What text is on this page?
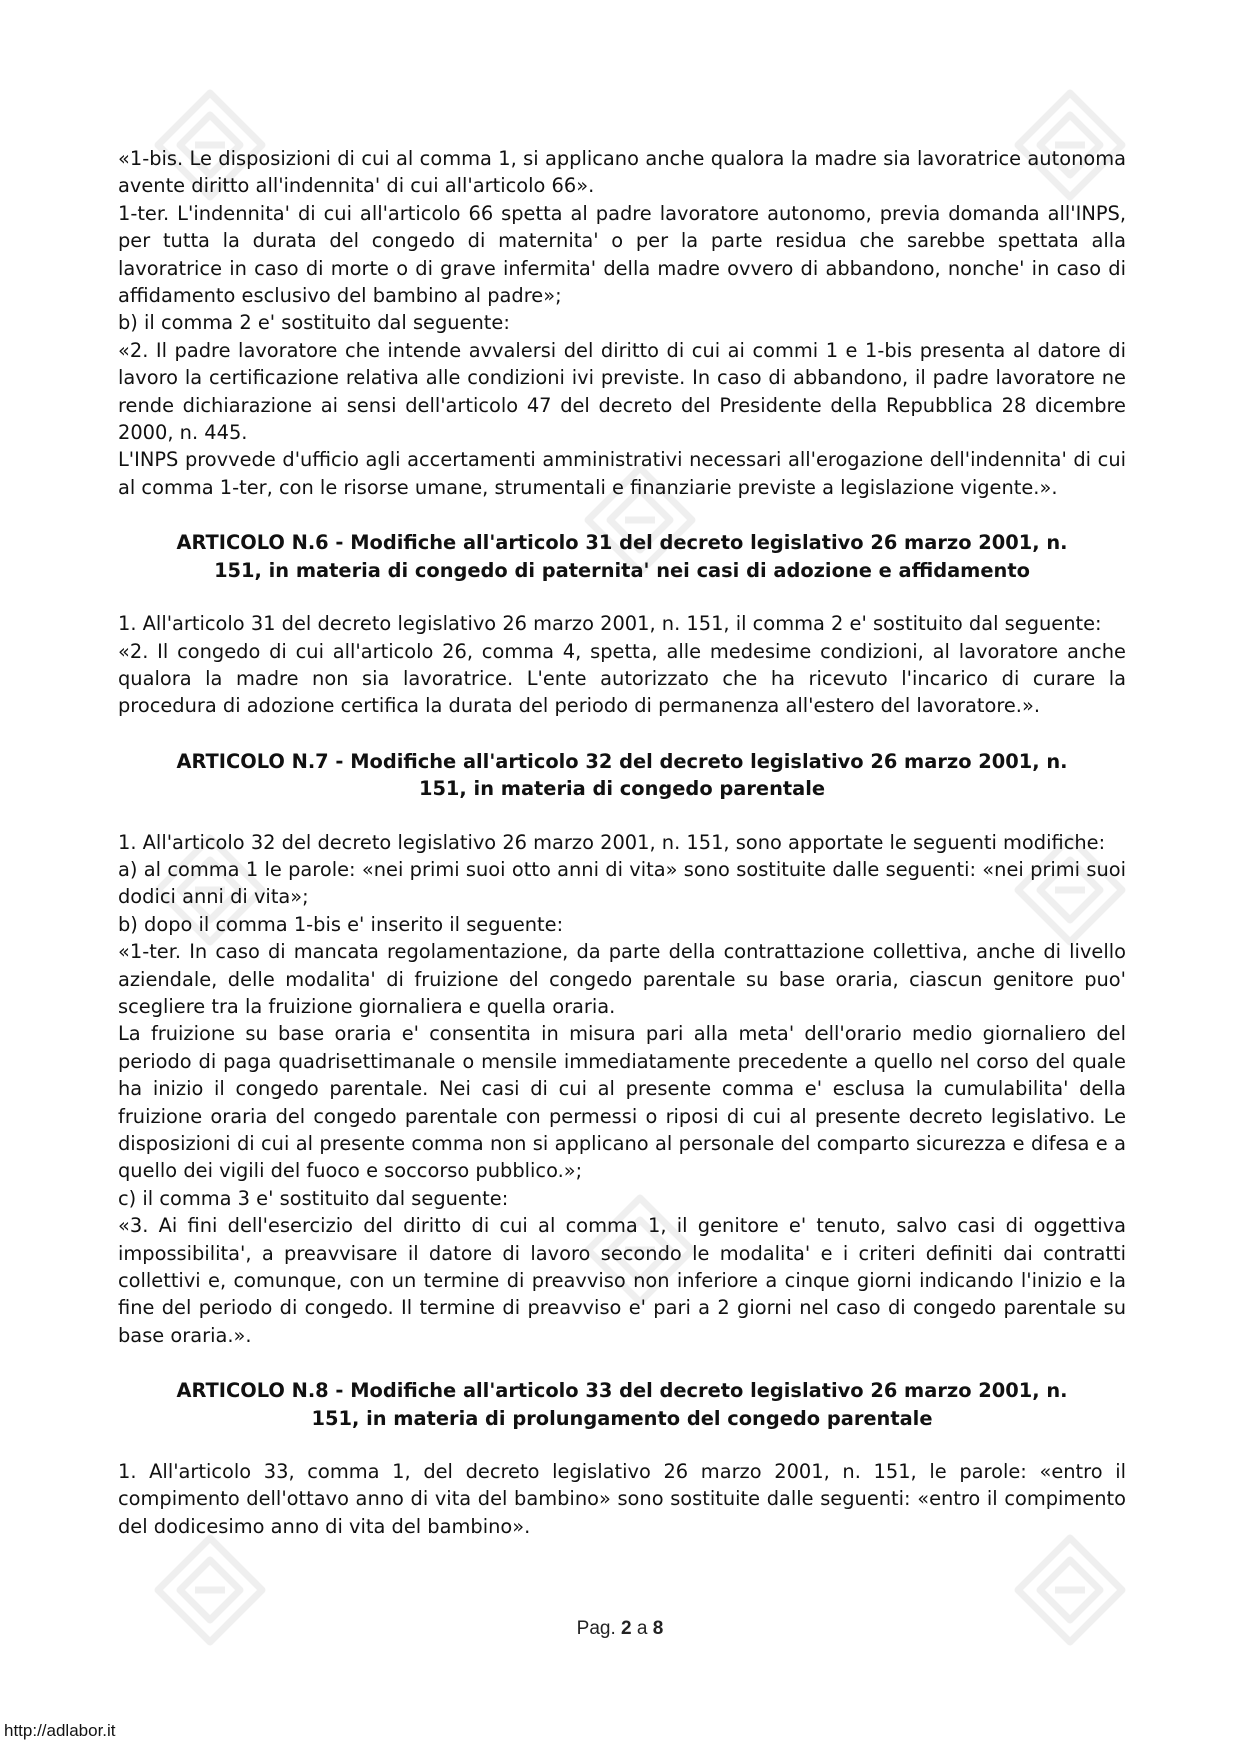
«1-bis. Le disposizioni di cui al comma 1, si applicano anche qualora la madre sia lavoratrice autonoma avente diritto all'indennita' di cui all'articolo 66».

1-ter. L'indennita' di cui all'articolo 66 spetta al padre lavoratore autonomo, previa domanda all'INPS, per tutta la durata del congedo di maternita' o per la parte residua che sarebbe spettata alla lavoratrice in caso di morte o di grave infermita' della madre ovvero di abbandono, nonche' in caso di affidamento esclusivo del bambino al padre»;

b) il comma 2 e' sostituito dal seguente:

«2. Il padre lavoratore che intende avvalersi del diritto di cui ai commi 1 e 1-bis presenta al datore di lavoro la certificazione relativa alle condizioni ivi previste. In caso di abbandono, il padre lavoratore ne rende dichiarazione ai sensi dell'articolo 47 del decreto del Presidente della Repubblica 28 dicembre 2000, n. 445.

L'INPS provvede d'ufficio agli accertamenti amministrativi necessari all'erogazione dell'indennita' di cui al comma 1-ter, con le risorse umane, strumentali e finanziarie previste a legislazione vigente.».

ARTICOLO N.6 - Modifiche all'articolo 31 del decreto legislativo 26 marzo 2001, n.
151, in materia di congedo di paternita' nei casi di adozione e affidamento

1. All'articolo 31 del decreto legislativo 26 marzo 2001, n. 151, il comma 2 e' sostituito dal seguente:

«2. Il congedo di cui all'articolo 26, comma 4, spetta, alle medesime condizioni, al lavoratore anche qualora la madre non sia lavoratrice. L'ente autorizzato che ha ricevuto l'incarico di curare la procedura di adozione certifica la durata del periodo di permanenza all'estero del lavoratore.».

ARTICOLO N.7 - Modifiche all'articolo 32 del decreto legislativo 26 marzo 2001, n.
151, in materia di congedo parentale

1. All'articolo 32 del decreto legislativo 26 marzo 2001, n. 151, sono apportate le seguenti modifiche:

a) al comma 1 le parole: «nei primi suoi otto anni di vita» sono sostituite dalle seguenti: «nei primi suoi dodici anni di vita»;

b) dopo il comma 1-bis e' inserito il seguente:

«1-ter. In caso di mancata regolamentazione, da parte della contrattazione collettiva, anche di livello aziendale, delle modalita' di fruizione del congedo parentale su base oraria, ciascun genitore puo' scegliere tra la fruizione giornaliera e quella oraria.

La fruizione su base oraria e' consentita in misura pari alla meta' dell'orario medio giornaliero del periodo di paga quadrisettimanale o mensile immediatamente precedente a quello nel corso del quale ha inizio il congedo parentale. Nei casi di cui al presente comma e' esclusa la cumulabilita' della fruizione oraria del congedo parentale con permessi o riposi di cui al presente decreto legislativo. Le disposizioni di cui al presente comma non si applicano al personale del comparto sicurezza e difesa e a quello dei vigili del fuoco e soccorso pubblico.»;

c) il comma 3 e' sostituito dal seguente:

«3. Ai fini dell'esercizio del diritto di cui al comma 1, il genitore e' tenuto, salvo casi di oggettiva impossibilita', a preavvisare il datore di lavoro secondo le modalita' e i criteri definiti dai contratti collettivi e, comunque, con un termine di preavviso non inferiore a cinque giorni indicando l'inizio e la fine del periodo di congedo. Il termine di preavviso e' pari a 2 giorni nel caso di congedo parentale su base oraria.».

ARTICOLO N.8 - Modifiche all'articolo 33 del decreto legislativo 26 marzo 2001, n.
151, in materia di prolungamento del congedo parentale

1. All'articolo 33, comma 1, del decreto legislativo 26 marzo 2001, n. 151, le parole: «entro il compimento dell'ottavo anno di vita del bambino» sono sostituite dalle seguenti: «entro il compimento del dodicesimo anno di vita del bambino».

Pag. 2 a 8
http://adlabor.it
